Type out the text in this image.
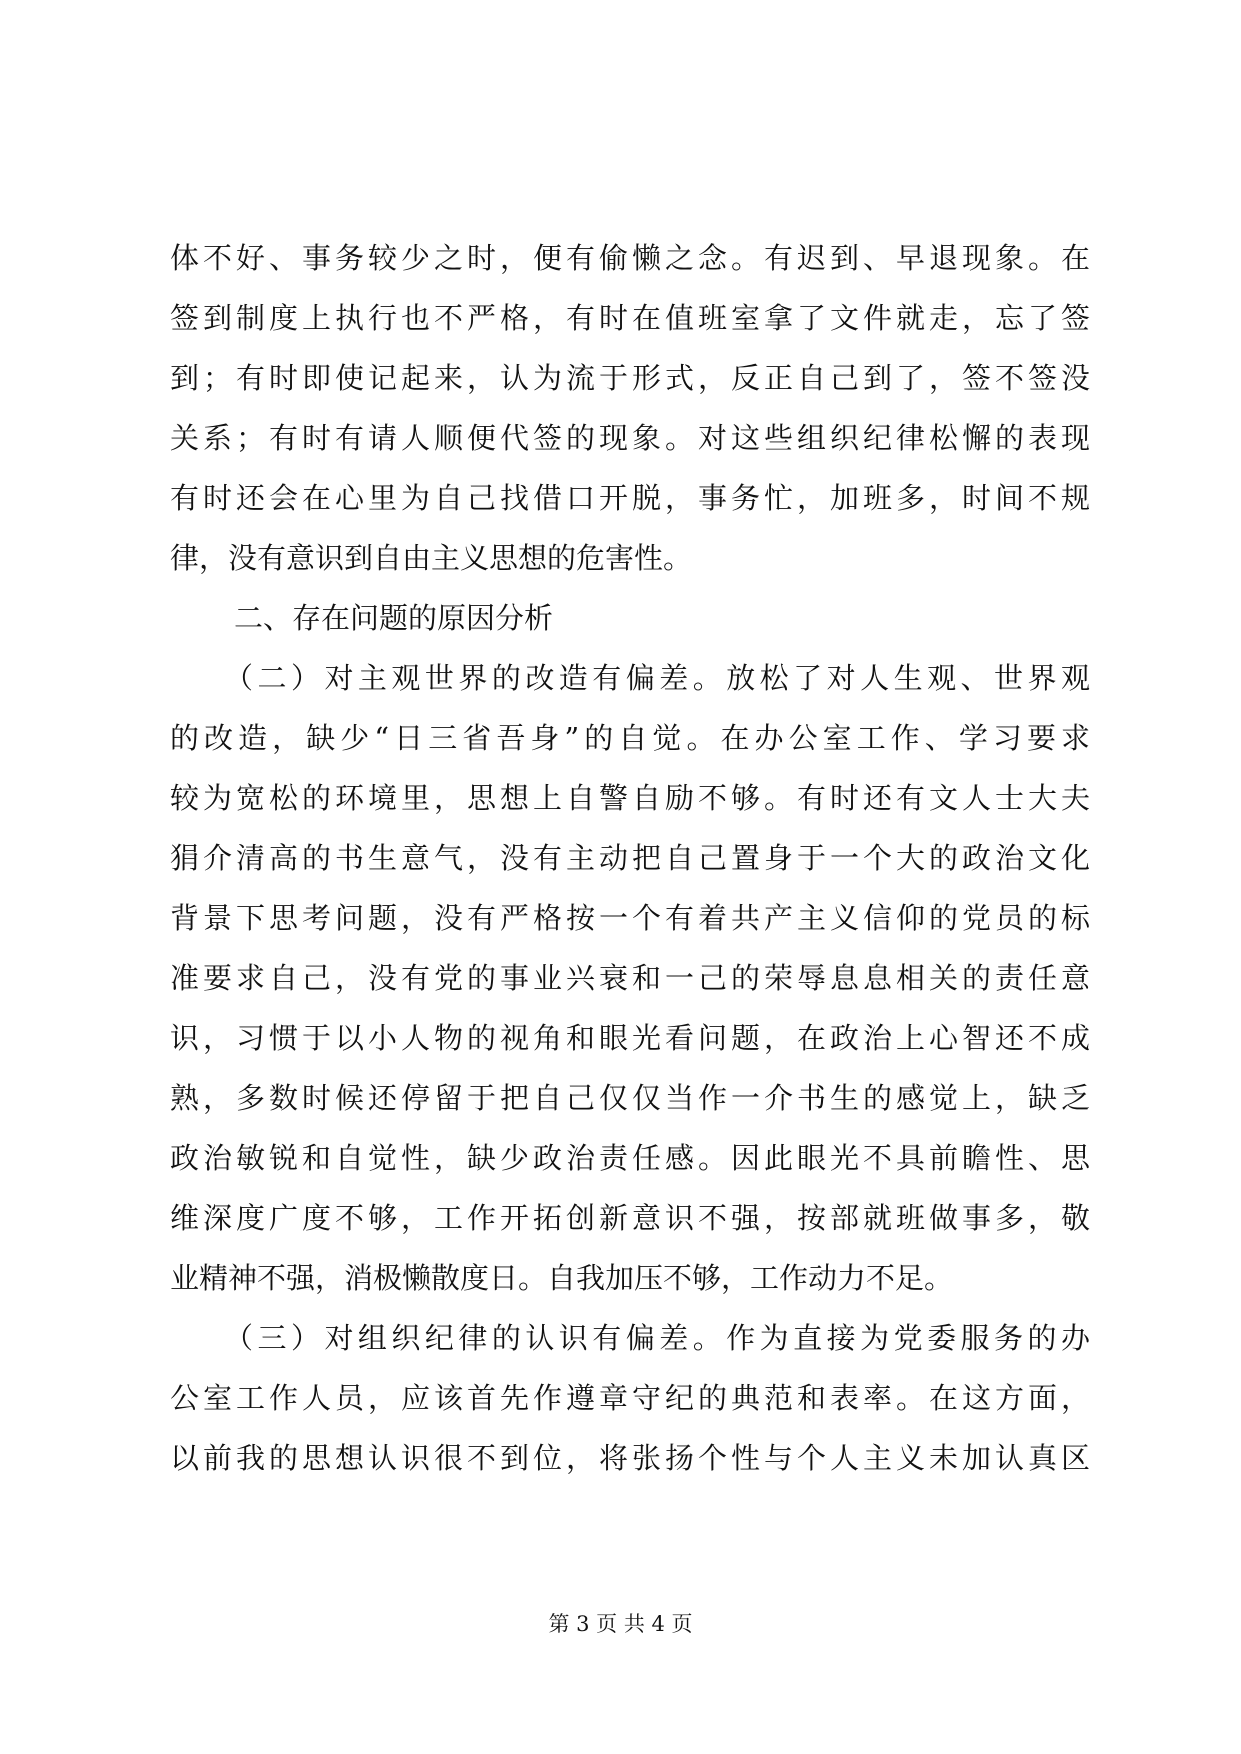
体不好、事务较少之时，便有偷懒之念。有迟到、早退现象。在
签到制度上执行也不严格，有时在值班室拿了文件就走，忘了签
到；有时即使记起来，认为流于形式，反正自己到了，签不签没
关系；有时有请人顺便代签的现象。对这些组织纪律松懈的表现
有时还会在心里为自己找借口开脱，事务忙，加班多，时间不规
律，没有意识到自由主义思想的危害性。
二、存在问题的原因分析
（二）对主观世界的改造有偏差。放松了对人生观、世界观
的改造，缺少“日三省吾身”的自觉。在办公室工作、学习要求
较为宽松的环境里，思想上自警自励不够。有时还有文人士大夫
狷介清高的书生意气，没有主动把自己置身于一个大的政治文化
背景下思考问题，没有严格按一个有着共产主义信仰的党员的标
准要求自己，没有党的事业兴衰和一己的荣辱息息相关的责任意
识，习惯于以小人物的视角和眼光看问题，在政治上心智还不成
熟，多数时候还停留于把自己仅仅当作一介书生的感觉上，缺乏
政治敏锐和自觉性，缺少政治责任感。因此眼光不具前瞻性、思
维深度广度不够，工作开拓创新意识不强，按部就班做事多，敬
业精神不强，消极懒散度日。自我加压不够，工作动力不足。
（三）对组织纪律的认识有偏差。作为直接为党委服务的办
公室工作人员，应该首先作遵章守纪的典范和表率。在这方面，
以前我的思想认识很不到位，将张扬个性与个人主义未加认真区
第 3 页 共 4 页
